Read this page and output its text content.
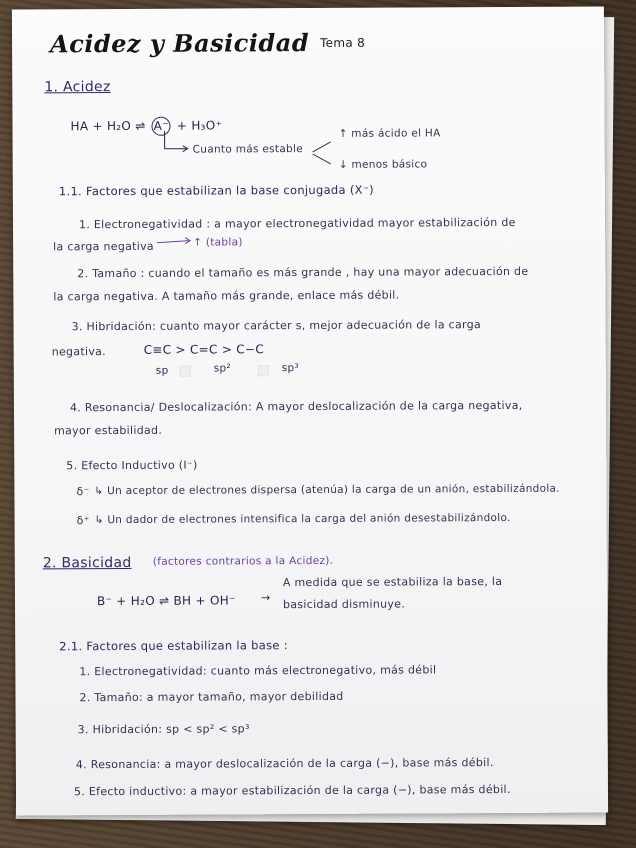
Acidez y Basicidad Tema 8
1. Acidez
HA + H₂O ⇌ A⁻ + H₃O⁺
Cuanto más estable
↑ más ácido el HA
↓ menos básico
1.1. Factores que estabilizan la base conjugada (X⁻)
1. Electronegatividad : a mayor electronegatividad mayor estabilización de
la carga negativa	↑ (tabla)
2. Tamaño : cuando el tamaño es más grande , hay una mayor adecuación de
la carga negativa. A tamaño más grande, enlace más débil.
3. Hibridación: cuanto mayor carácter s, mejor adecuación de la carga
negativa.	C≡C > C=C > C−C
sp	sp²	sp³
4. Resonancia/ Deslocalización: A mayor deslocalización de la carga negativa,
mayor estabilidad.
5. Efecto Inductivo (I⁻)
δ⁻ ↳ Un aceptor de electrones dispersa (atenúa) la carga de un anión, estabilizándola.
δ⁺ ↳ Un dador de electrones intensifica la carga del anión desestabilizándolo.
2. Basicidad (factores contrarios a la Acidez).
B⁻ + H₂O ⇌ BH + OH⁻ →
A medida que se estabiliza la base, la
basicidad disminuye.
2.1. Factores que estabilizan la base :
1. Electronegatividad: cuanto más electronegativo, más débil
2. Tamaño: a mayor tamaño, mayor debilidad
3. Hibridación: sp < sp² < sp³
4. Resonancia: a mayor deslocalización de la carga (−), base más débil.
5. Efecto inductivo: a mayor estabilización de la carga (−), base más débil.
